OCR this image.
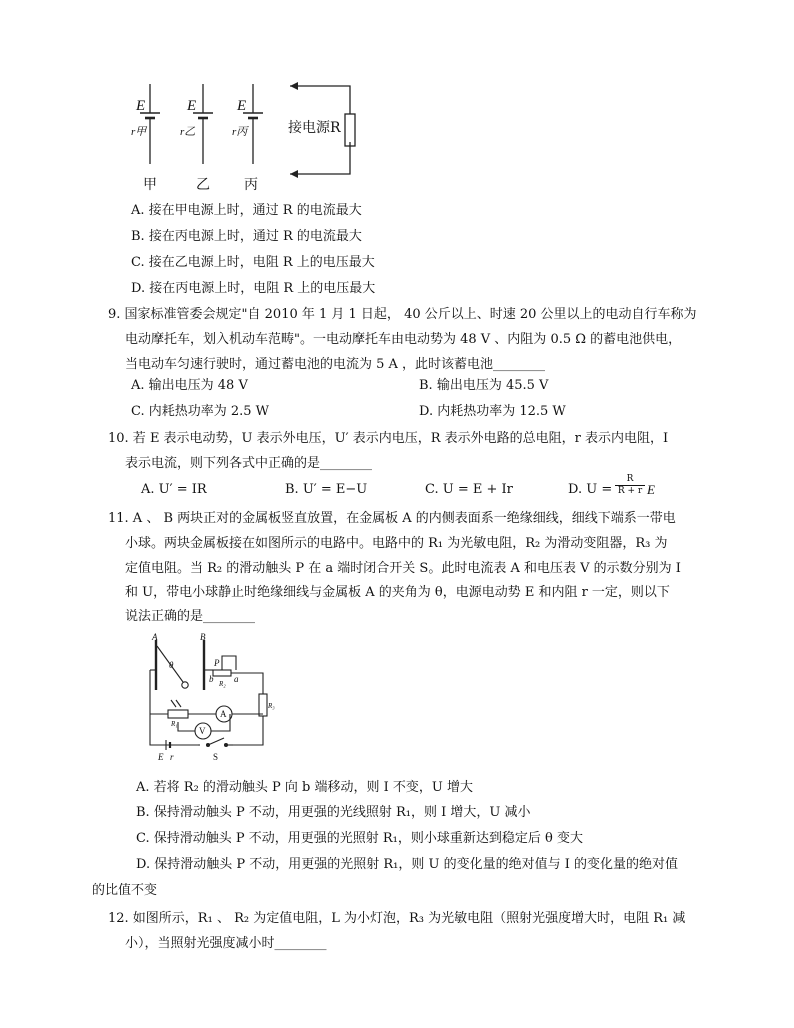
E	E	E
r甲	r乙	r丙	接电源R
甲	乙 丙
A. 接在甲电源上时，通过 R 的电流最大
B. 接在丙电源上时，通过 R 的电流最大
C. 接在乙电源上时，电阻 R 上的电压最大
D. 接在丙电源上时，电阻 R 上的电压最大
9. 国家标准管委会规定"自 2010 年 1 月 1 日起， 40 公斤以上、时速 20 公里以上的电动自行车称为
电动摩托车，划入机动车范畴"。一电动摩托车由电动势为 48 V 、内阻为 0.5 Ω 的蓄电池供电，
当电动车匀速行驶时，通过蓄电池的电流为 5 A ，此时该蓄电池________
A. 输出电压为 48 V	B. 输出电压为 45.5 V
C. 内耗热功率为 2.5 W	D. 内耗热功率为 12.5 W
10. 若 E 表示电动势，U 表示外电压，U′ 表示内电压，R 表示外电路的总电阻，r 表示内电阻，I
表示电流，则下列各式中正确的是________
A. U′ = IR	B. U′ = E−U	C. U = E + Ir	D. $U = \frac{R}{R + r}$ E
11. A 、 B 两块正对的金属板竖直放置，在金属板 A 的内侧表面系一绝缘细线，细线下端系一带电
小球。两块金属板接在如图所示的电路中。电路中的 R₁ 为光敏电阻，R₂ 为滑动变阻器，R₃ 为
定值电阻。当 R₂ 的滑动触头 P 在 a 端时闭合开关 S。此时电流表 A 和电压表 V 的示数分别为 I
和 U，带电小球静止时绝缘细线与金属板 A 的夹角为 θ，电源电动势 E 和内阻 r 一定，则以下
说法正确的是________
A	B
θ	P
a
b R₂
R₃
R₁
A
V
E r	S
A. 若将 R₂ 的滑动触头 P 向 b 端移动，则 I 不变，U 增大
B. 保持滑动触头 P 不动，用更强的光线照射 R₁，则 I 增大，U 减小
C. 保持滑动触头 P 不动，用更强的光照射 R₁，则小球重新达到稳定后 θ 变大
D. 保持滑动触头 P 不动，用更强的光照射 R₁，则 U 的变化量的绝对值与 I 的变化量的绝对值
的比值不变
12. 如图所示，R₁ 、 R₂ 为定值电阻，L 为小灯泡，R₃ 为光敏电阻（照射光强度增大时，电阻 R₁ 减
小），当照射光强度减小时________
